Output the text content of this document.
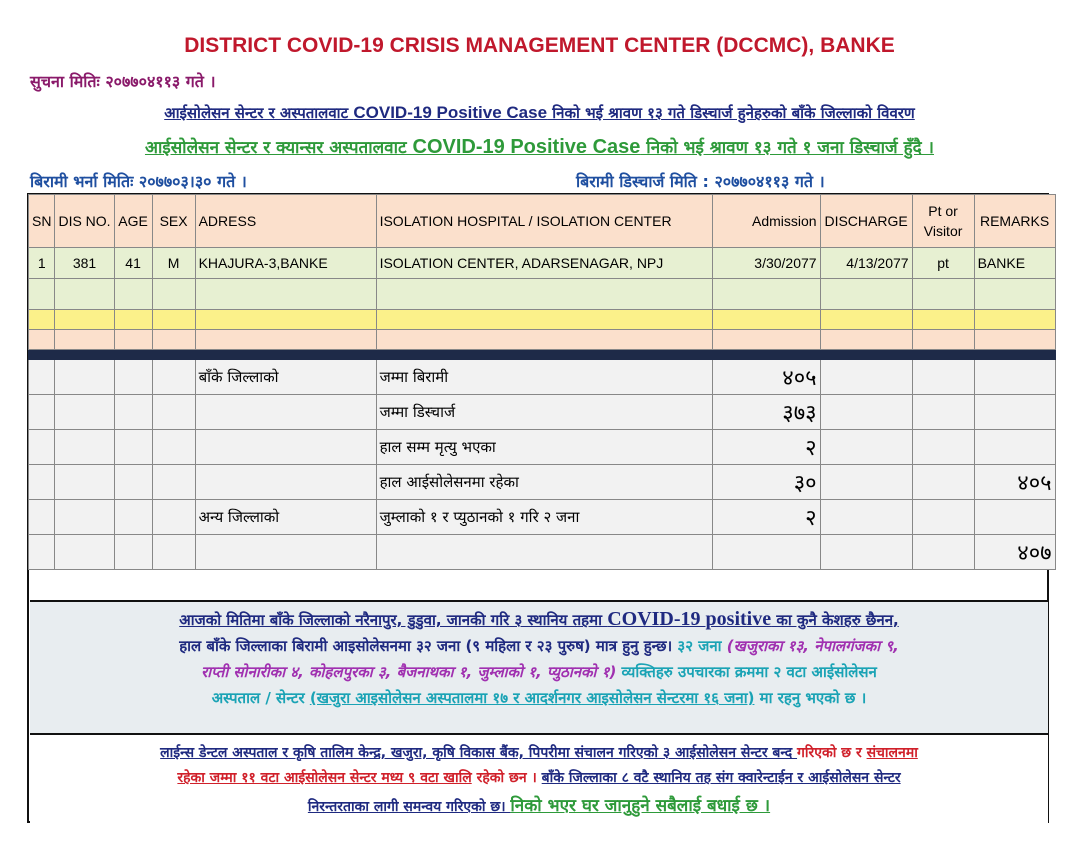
DISTRICT COVID-19 CRISIS MANAGEMENT CENTER (DCCMC), BANKE
सुचना मितिः २०७७०४११३ गते ।
आईसोलेसन सेन्टर र अस्पतालवाट COVID-19 Positive Case निको भई श्रावण १३ गते डिस्चार्ज हुनेहरुको बाँके जिल्लाको विवरण
आईसोलेसन सेन्टर र क्यान्सर अस्पतालवाट COVID-19 Positive Case निको भई श्रावण १३ गते १ जना डिस्चार्ज हुँदै ।
बिरामी भर्ना मितिः २०७७०३।३० गते ।	बिरामी डिस्चार्ज मिति : २०७७०४११३ गते ।
SN	DIS NO.	AGE	SEX	ADRESS	ISOLATION HOSPITAL / ISOLATION CENTER	Admission	DISCHARGE	Pt or Visitor	REMARKS
1	381	41	M	KHAJURA-3,BANKE	ISOLATION CENTER, ADARSENAGAR, NPJ	3/30/2077	4/13/2077	pt	BANKE

				बाँके जिल्लाको	जम्मा बिरामी	४०५			
					जम्मा डिस्चार्ज	३७३			
					हाल सम्म मृत्यु भएका	२			
					हाल आईसोलेसनमा रहेका	३०			४०५
				अन्य जिल्लाको	जुम्लाको १ र प्युठानको १ गरि २ जना	२			
									४०७
आजको मितिमा बाँके जिल्लाको नरैनापुर, डुडुवा, जानकी गरि ३ स्थानिय तहमा COVID-19 positive का कुनै केशहरु छैनन,
हाल बाँके जिल्लाका बिरामी आइसोलेसनमा ३२ जना (९ महिला र २३ पुरुष) मात्र हुनु हुन्छ। ३२ जना (खजुराका १३, नेपालगंजका ९,
राप्ती सोनारीका ४, कोहलपुरका ३, बैजनाथका १, जुम्लाको १, प्युठानको १) व्यक्तिहरु उपचारका क्रममा २ वटा आईसोलेसन
अस्पताल / सेन्टर (खजुरा आइसोलेसन अस्पतालमा १७ र आदर्शनगर आइसोलेसन सेन्टरमा १६ जना) मा रहनु भएको छ ।
लाईन्स डेन्टल अस्पताल र कृषि तालिम केन्द्र, खजुरा, कृषि विकास बैंक, पिपरीमा संचालन गरिएको ३ आईसोलेसन सेन्टर बन्द गरिएको छ र संचालनमा
रहेका जम्मा ११ वटा आईसोलेसन सेन्टर मध्य ९ वटा खालि रहेको छन । बाँके जिल्लाका ८ वटै स्थानिय तह संग क्वारेन्टाईन र आईसोलेसन सेन्टर
निरन्तरताका लागी समन्वय गरिएको छ। निको भएर घर जानुहुने सबैलाई बधाई छ ।
